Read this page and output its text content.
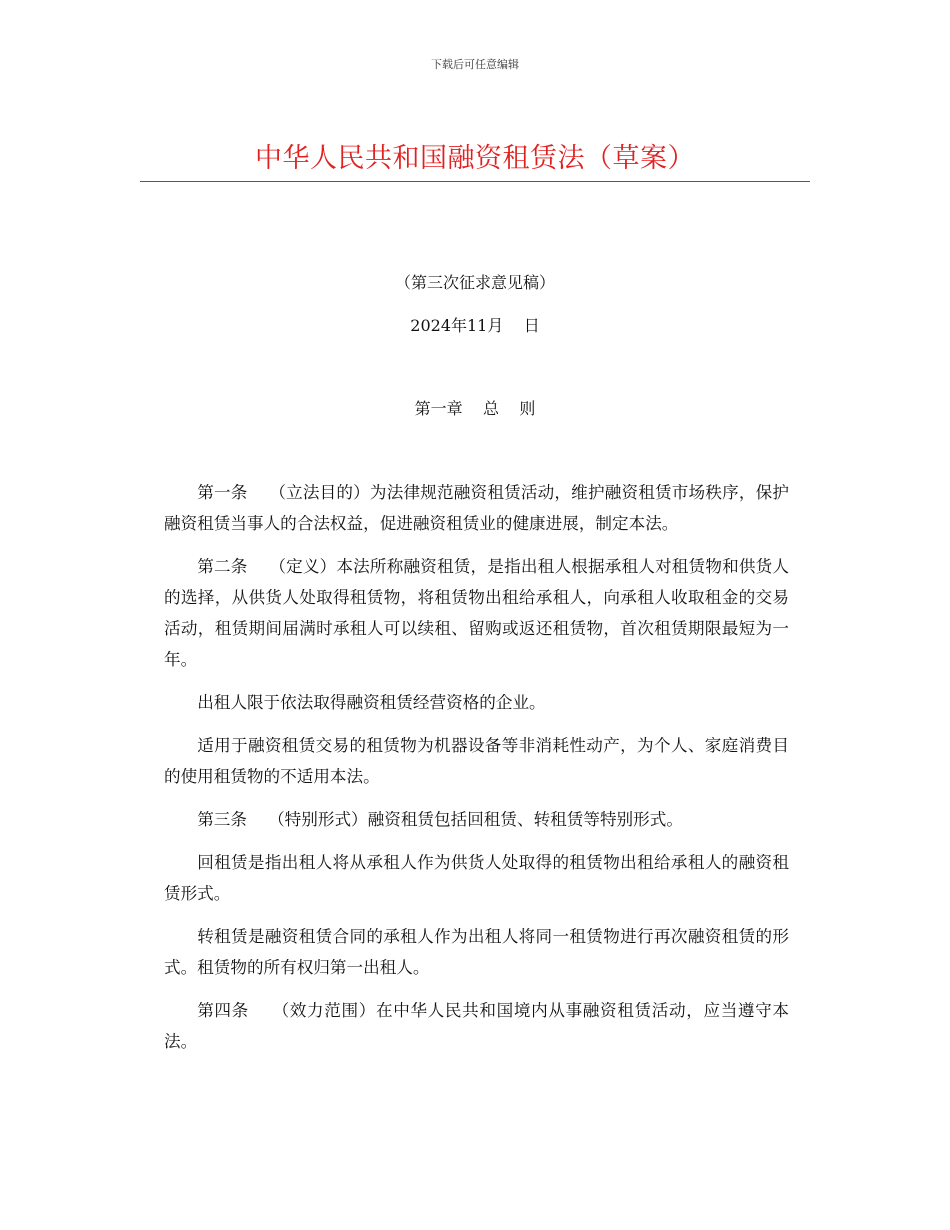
下载后可任意编辑
中华人民共和国融资租赁法（草案）
（第三次征求意见稿）
2024年11月    日
第一章    总    则

第一条    （立法目的）为法律规范融资租赁活动，维护融资租赁市场秩序，保护融资租赁当事人的合法权益，促进融资租赁业的健康进展，制定本法。

第二条    （定义）本法所称融资租赁，是指出租人根据承租人对租赁物和供货人的选择，从供货人处取得租赁物，将租赁物出租给承租人，向承租人收取租金的交易活动，租赁期间届满时承租人可以续租、留购或返还租赁物，首次租赁期限最短为一年。

出租人限于依法取得融资租赁经营资格的企业。

适用于融资租赁交易的租赁物为机器设备等非消耗性动产，为个人、家庭消费目的使用租赁物的不适用本法。

第三条    （特别形式）融资租赁包括回租赁、转租赁等特别形式。

回租赁是指出租人将从承租人作为供货人处取得的租赁物出租给承租人的融资租赁形式。

转租赁是融资租赁合同的承租人作为出租人将同一租赁物进行再次融资租赁的形式。租赁物的所有权归第一出租人。

第四条    （效力范围）在中华人民共和国境内从事融资租赁活动，应当遵守本法。
